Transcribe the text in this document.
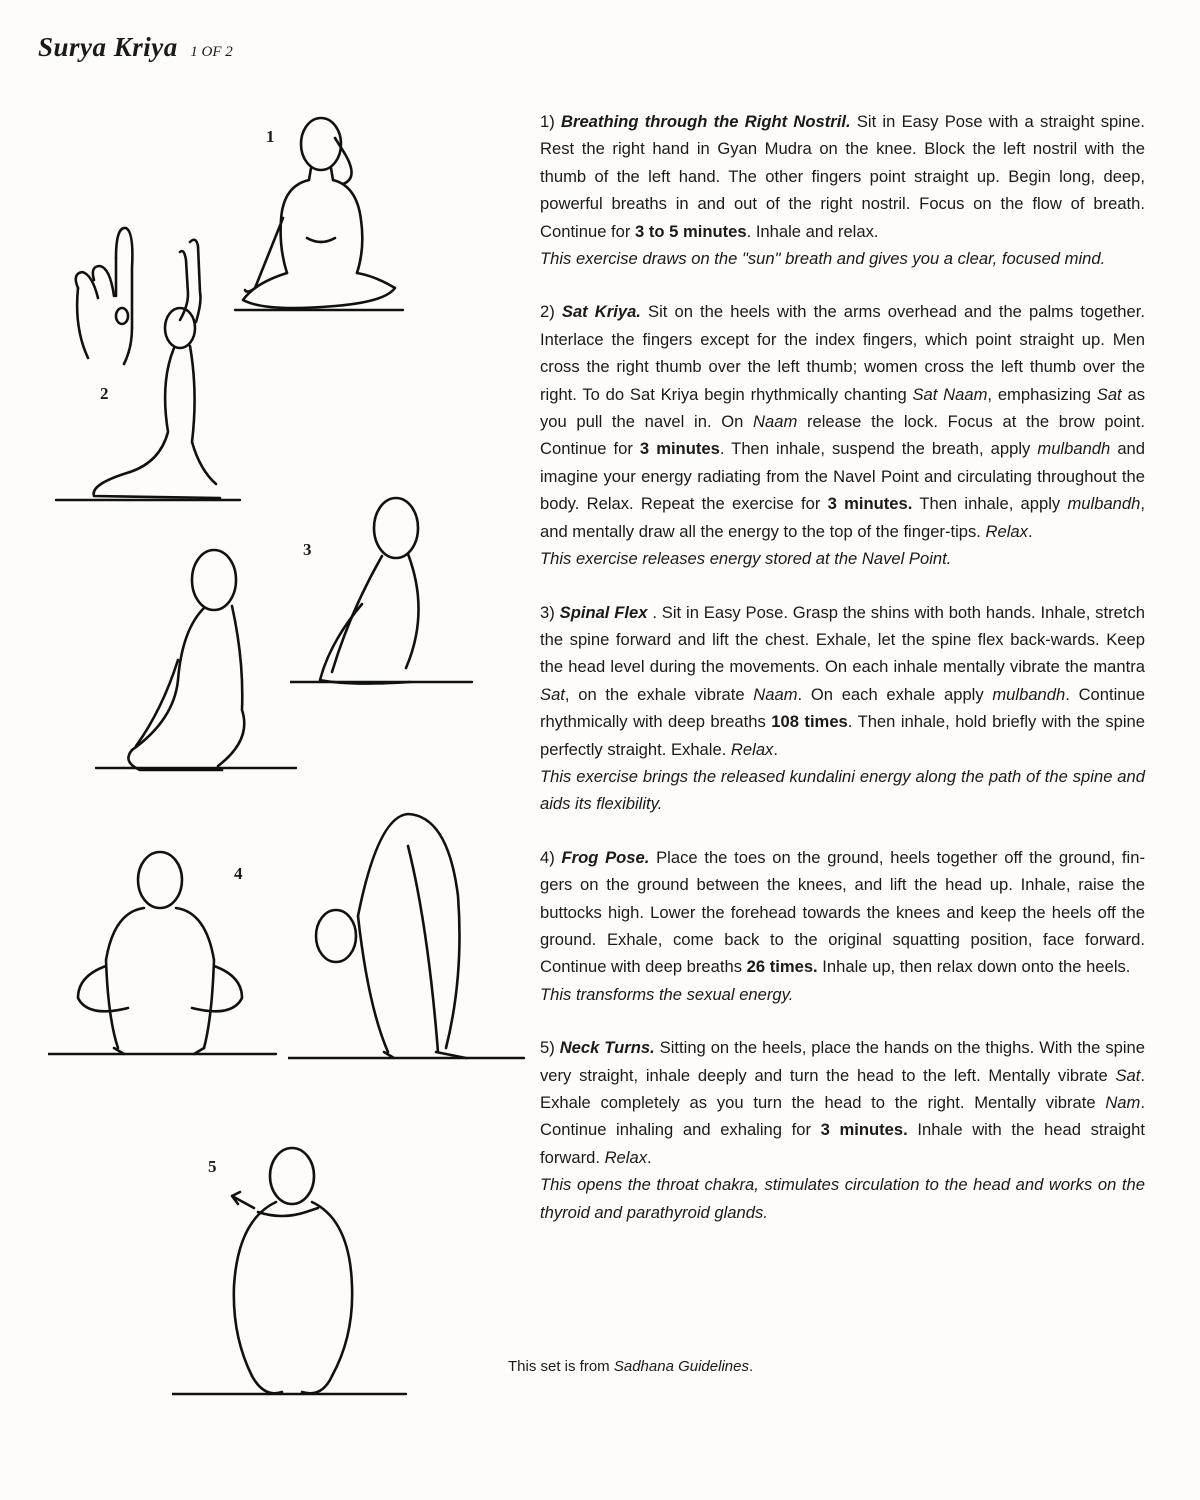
Surya Kriya 1 OF 2
1
2
3
4
5

1) Breathing through the Right Nostril. Sit in Easy Pose with a straight spine. Rest the right hand in Gyan Mudra on the knee. Block the left nostril with the thumb of the left hand. The other fingers point straight up. Begin long, deep, powerful breaths in and out of the right nostril. Focus on the flow of breath. Continue for 3 to 5 minutes. Inhale and relax.
This exercise draws on the "sun" breath and gives you a clear, focused mind.

2) Sat Kriya. Sit on the heels with the arms overhead and the palms together. Interlace the fingers except for the index fingers, which point straight up. Men cross the right thumb over the left thumb; women cross the left thumb over the right. To do Sat Kriya begin rhythmically chanting Sat Naam, emphasizing Sat as you pull the navel in. On Naam release the lock. Focus at the brow point. Continue for 3 minutes. Then inhale, suspend the breath, apply mulbandh and imagine your energy radiating from the Navel Point and circulating throughout the body. Relax. Repeat the exercise for 3 minutes. Then inhale, apply mulbandh, and mentally draw all the energy to the top of the finger-tips. Relax.
This exercise releases energy stored at the Navel Point.

3) Spinal Flex . Sit in Easy Pose. Grasp the shins with both hands. Inhale, stretch the spine forward and lift the chest. Exhale, let the spine flex back-wards. Keep the head level during the movements. On each inhale mentally vibrate the mantra Sat, on the exhale vibrate Naam. On each exhale apply mulbandh. Continue rhythmically with deep breaths 108 times. Then inhale, hold briefly with the spine perfectly straight. Exhale. Relax.
This exercise brings the released kundalini energy along the path of the spine and aids its flexibility.

4) Frog Pose. Place the toes on the ground, heels together off the ground, fin-gers on the ground between the knees, and lift the head up. Inhale, raise the buttocks high. Lower the forehead towards the knees and keep the heels off the ground. Exhale, come back to the original squatting position, face forward. Continue with deep breaths 26 times. Inhale up, then relax down onto the heels.
This transforms the sexual energy.

5) Neck Turns. Sitting on the heels, place the hands on the thighs. With the spine very straight, inhale deeply and turn the head to the left. Mentally vibrate Sat. Exhale completely as you turn the head to the right. Mentally vibrate Nam. Continue inhaling and exhaling for 3 minutes. Inhale with the head straight forward. Relax.
This opens the throat chakra, stimulates circulation to the head and works on the thyroid and parathyroid glands.

This set is from Sadhana Guidelines.
